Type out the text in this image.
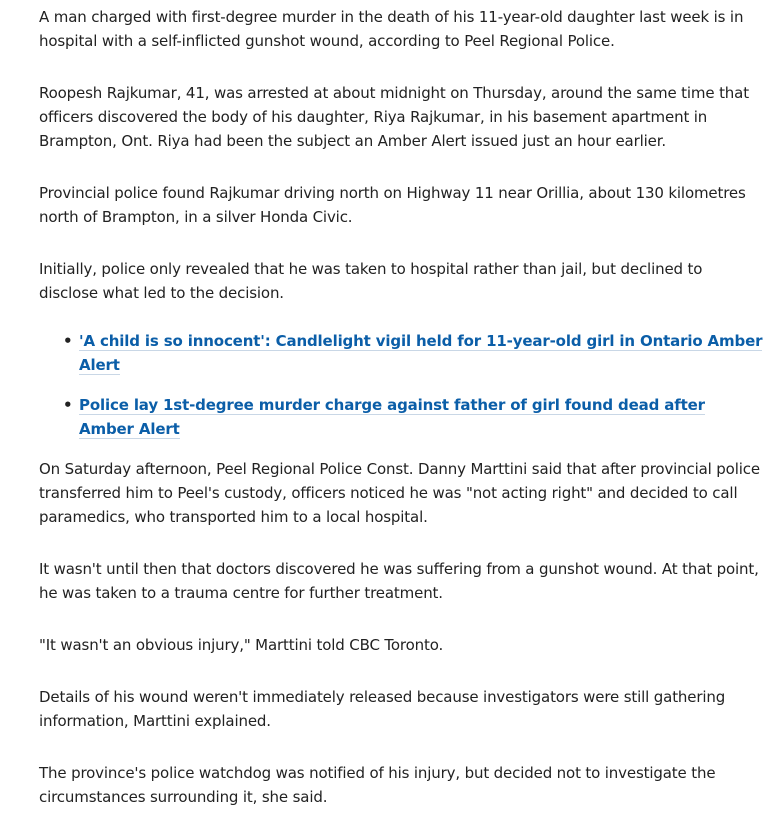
A man charged with first-degree murder in the death of his 11-year-old daughter last week is in hospital with a self-inflicted gunshot wound, according to Peel Regional Police.

Roopesh Rajkumar, 41, was arrested at about midnight on Thursday, around the same time that officers discovered the body of his daughter, Riya Rajkumar, in his basement apartment in Brampton, Ont. Riya had been the subject an Amber Alert issued just an hour earlier.

Provincial police found Rajkumar driving north on Highway 11 near Orillia, about 130 kilometres north of Brampton, in a silver Honda Civic.

Initially, police only revealed that he was taken to hospital rather than jail, but declined to disclose what led to the decision.

• 'A child is so innocent': Candlelight vigil held for 11-year-old girl in Ontario Amber Alert
• Police lay 1st-degree murder charge against father of girl found dead after Amber Alert

On Saturday afternoon, Peel Regional Police Const. Danny Marttini said that after provincial police transferred him to Peel's custody, officers noticed he was "not acting right" and decided to call paramedics, who transported him to a local hospital.

It wasn't until then that doctors discovered he was suffering from a gunshot wound. At that point, he was taken to a trauma centre for further treatment.

"It wasn't an obvious injury," Marttini told CBC Toronto.

Details of his wound weren't immediately released because investigators were still gathering information, Marttini explained.

The province's police watchdog was notified of his injury, but decided not to investigate the circumstances surrounding it, she said.
